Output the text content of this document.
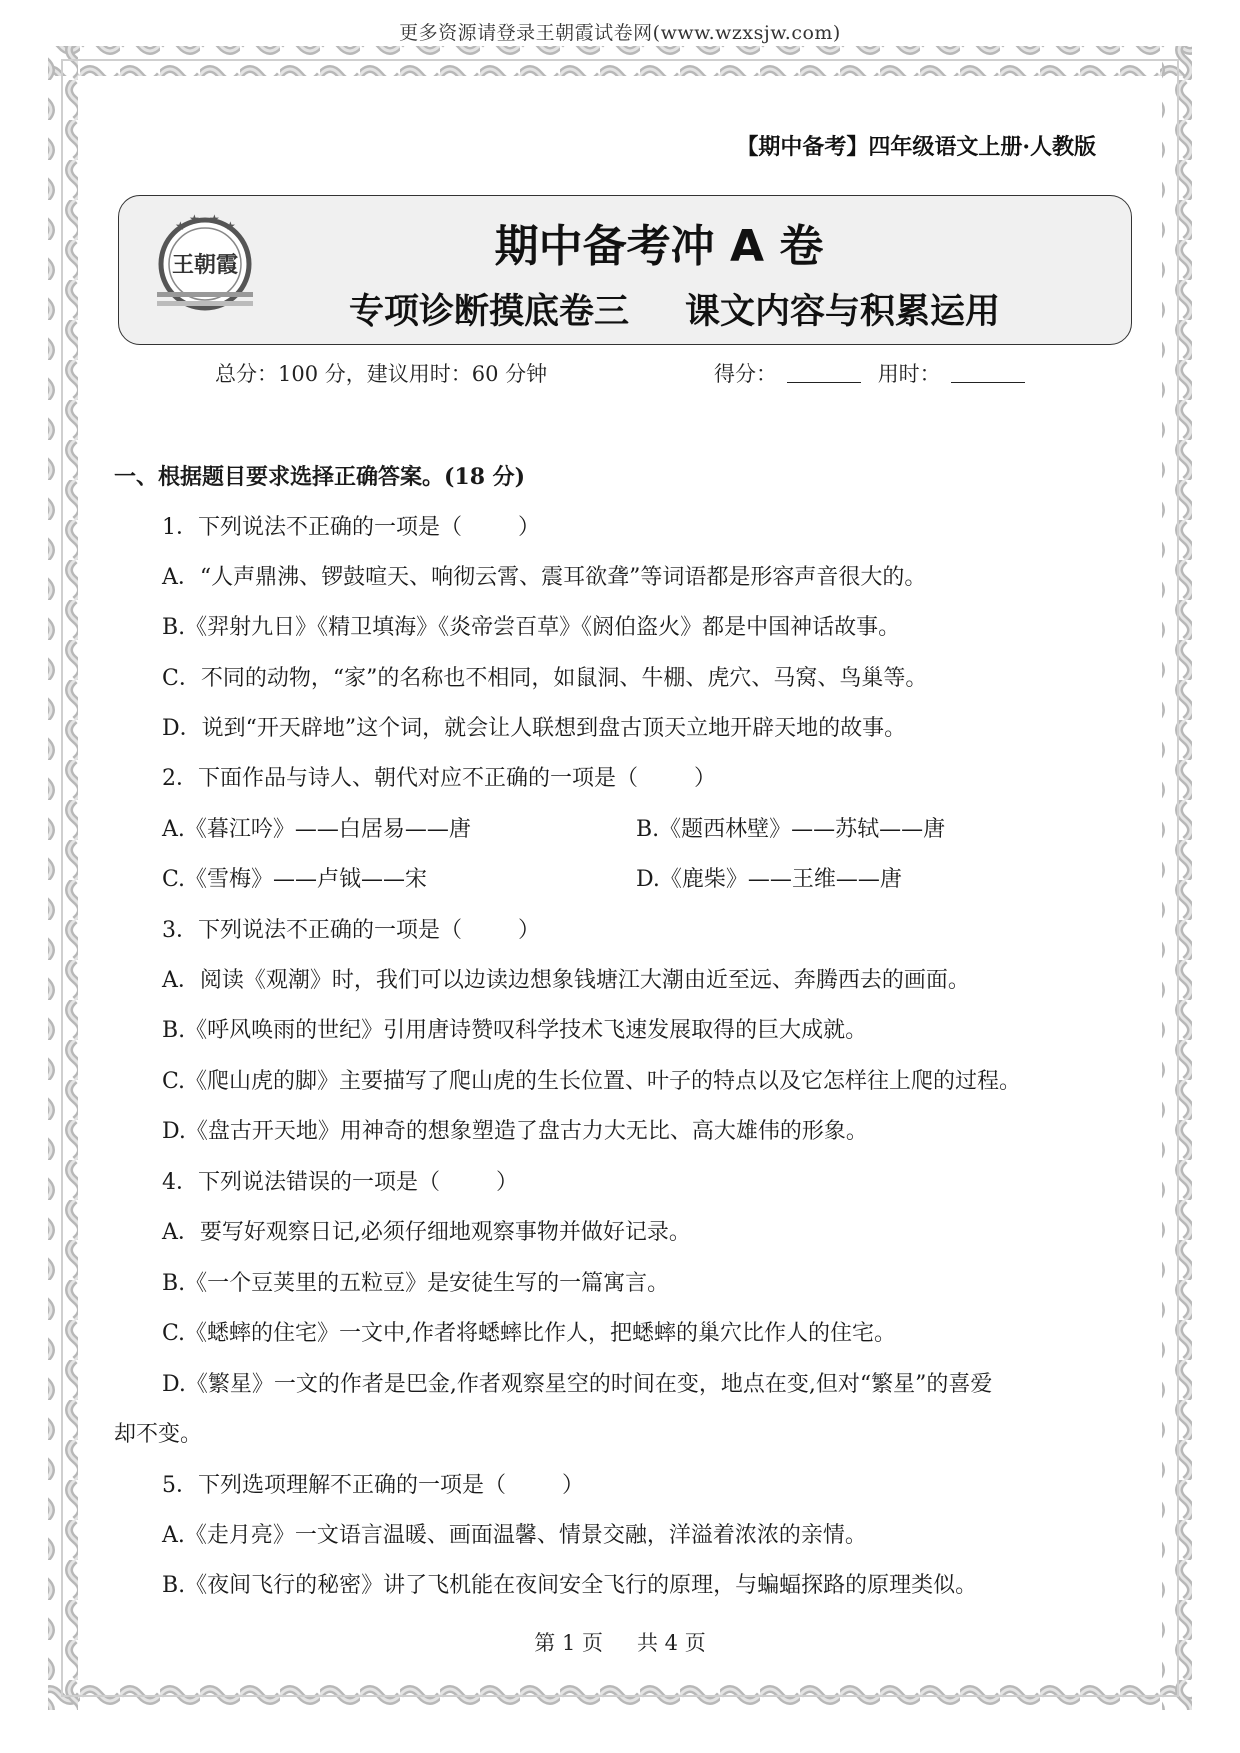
更多资源请登录王朝霞试卷网(www.wzxsjw.com)
【期中备考】四年级语文上册·人教版
王朝霞
★ ★ ★ ★	期中备考冲 A 卷
专项诊断摸底卷三 课文内容与积累运用
总分：100 分，建议用时：60 分钟	得分：	用时：
一、根据题目要求选择正确答案。(18 分)
1．下列说法不正确的一项是（	）
A．“人声鼎沸、锣鼓喧天、响彻云霄、震耳欲聋”等词语都是形容声音很大的。
B.《羿射九日》《精卫填海》《炎帝尝百草》《阏伯盗火》都是中国神话故事。
C．不同的动物，“家”的名称也不相同，如鼠洞、牛棚、虎穴、马窝、鸟巢等。
D．说到“开天辟地”这个词，就会让人联想到盘古顶天立地开辟天地的故事。
2．下面作品与诗人、朝代对应不正确的一项是（	）
A.《暮江吟》——白居易——唐	B.《题西林壁》——苏轼——唐
C.《雪梅》——卢钺——宋	D.《鹿柴》——王维——唐
3．下列说法不正确的一项是（	）
A．阅读《观潮》时，我们可以边读边想象钱塘江大潮由近至远、奔腾西去的画面。
B.《呼风唤雨的世纪》引用唐诗赞叹科学技术飞速发展取得的巨大成就。
C.《爬山虎的脚》主要描写了爬山虎的生长位置、叶子的特点以及它怎样往上爬的过程。
D.《盘古开天地》用神奇的想象塑造了盘古力大无比、高大雄伟的形象。
4．下列说法错误的一项是（	）
A．要写好观察日记,必须仔细地观察事物并做好记录。
B.《一个豆荚里的五粒豆》是安徒生写的一篇寓言。
C.《蟋蟀的住宅》一文中,作者将蟋蟀比作人，把蟋蟀的巢穴比作人的住宅。
D.《繁星》一文的作者是巴金,作者观察星空的时间在变，地点在变,但对“繁星”的喜爱
却不变。
5．下列选项理解不正确的一项是（	）
A.《走月亮》一文语言温暖、画面温馨、情景交融，洋溢着浓浓的亲情。
B.《夜间飞行的秘密》讲了飞机能在夜间安全飞行的原理，与蝙蝠探路的原理类似。
第 1 页 共 4 页
